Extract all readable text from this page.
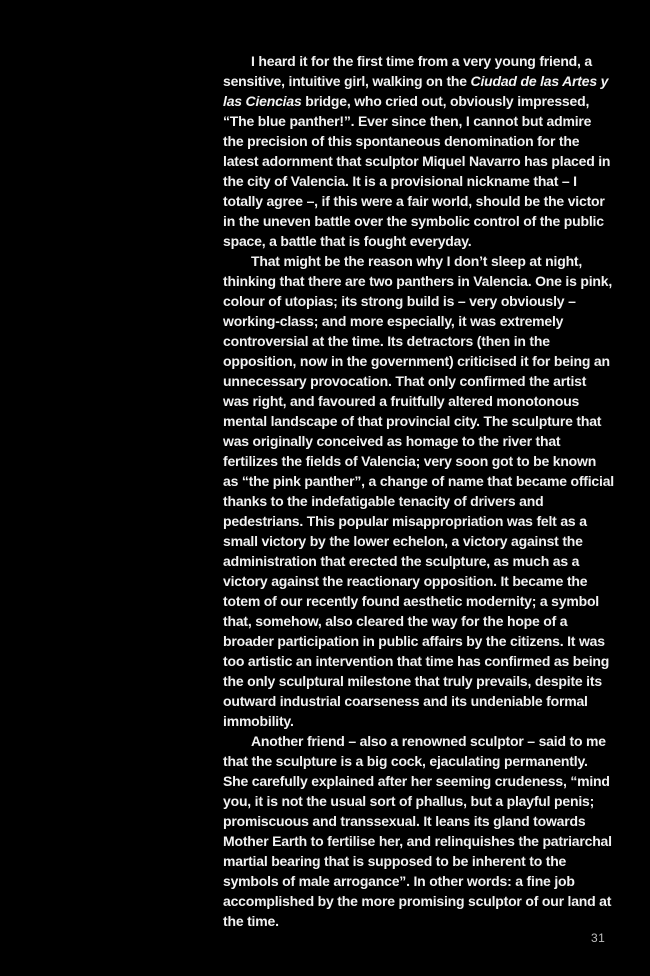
I heard it for the first time from a very young friend, a sensitive, intuitive girl, walking on the Ciudad de las Artes y las Ciencias bridge, who cried out, obviously impressed, “The blue panther!”. Ever since then, I cannot but admire the precision of this spontaneous denomination for the latest adornment that sculptor Miquel Navarro has placed in the city of Valencia. It is a provisional nickname that – I totally agree –, if this were a fair world, should be the victor in the uneven battle over the symbolic control of the public space, a battle that is fought everyday.

That might be the reason why I don’t sleep at night, thinking that there are two panthers in Valencia. One is pink, colour of utopias; its strong build is – very obviously – working-class; and more especially, it was extremely controversial at the time. Its detractors (then in the opposition, now in the government) criticised it for being an unnecessary provocation. That only confirmed the artist was right, and favoured a fruitfully altered monotonous mental landscape of that provincial city. The sculpture that was originally conceived as homage to the river that fertilizes the fields of Valencia; very soon got to be known as “the pink panther”, a change of name that became official thanks to the indefatigable tenacity of drivers and pedestrians. This popular misappropriation was felt as a small victory by the lower echelon, a victory against the administration that erected the sculpture, as much as a victory against the reactionary opposition. It became the totem of our recently found aesthetic modernity; a symbol that, somehow, also cleared the way for the hope of a broader participation in public affairs by the citizens. It was too artistic an intervention that time has confirmed as being the only sculptural milestone that truly prevails, despite its outward industrial coarseness and its undeniable formal immobility.

Another friend – also a renowned sculptor – said to me that the sculpture is a big cock, ejaculating permanently. She carefully explained after her seeming crudeness, “mind you, it is not the usual sort of phallus, but a playful penis; promiscuous and transsexual. It leans its gland towards Mother Earth to fertilise her, and relinquishes the patriarchal martial bearing that is supposed to be inherent to the symbols of male arrogance”. In other words: a fine job accomplished by the more promising sculptor of our land at the time.

31
